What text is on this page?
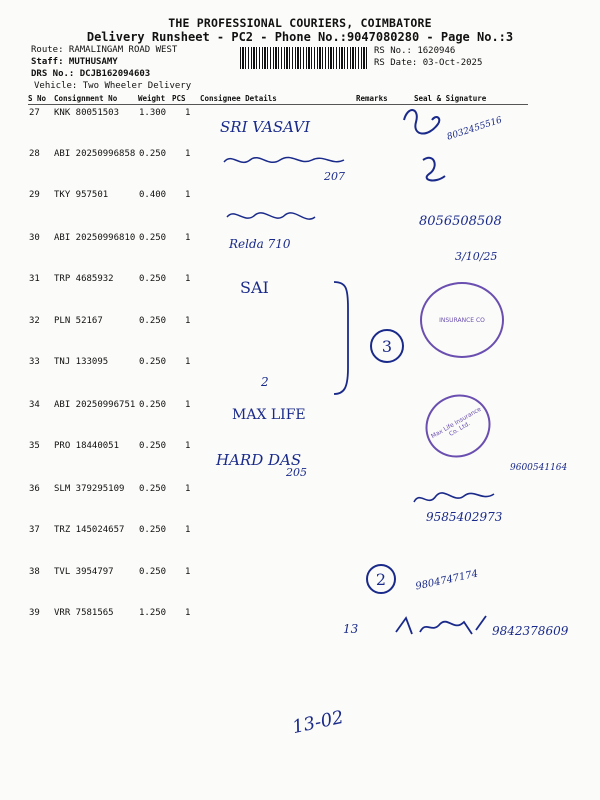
THE PROFESSIONAL COURIERS, COIMBATORE
Delivery Runsheet - PC2 - Phone No.:9047080280 - Page No.:3
Route: RAMALINGAM ROAD WEST
Staff: MUTHUSAMY
DRS No.: DCJB162094603
Vehicle: Two Wheeler Delivery
RS No.: 1620946
RS Date: 03-Oct-2025
S No Consignment No	Weight PCS Consignee Details	Remarks	Seal & Signature
27 KNK 80051503 1.300 1
28 ABI 20250996858 0.250 1
29 TKY 957501	0.400 1
30 ABI 20250996810 0.250 1
31 TRP 4685932	0.250 1
32 PLN 52167	0.250 1
33 TNJ 133095	0.250 1
34 ABI 20250996751 0.250 1
35 PRO 18440051 0.250 1
36 SLM 379295109 0.250 1
37 TRZ 145024657 0.250 1
38 TVL 3954797	0.250 1
39 VRR 7581565	1.250 1
SRI VASAVI	8032455516
207
8056508508
Relda 710
3/10/25
SAI
3
2
INSURANCE CO
Max Life Insurance Co. Ltd.
MAX LIFE
HARD DAS
205	9600541164
9585402973
2	9804747174
13	9842378609
13-02
